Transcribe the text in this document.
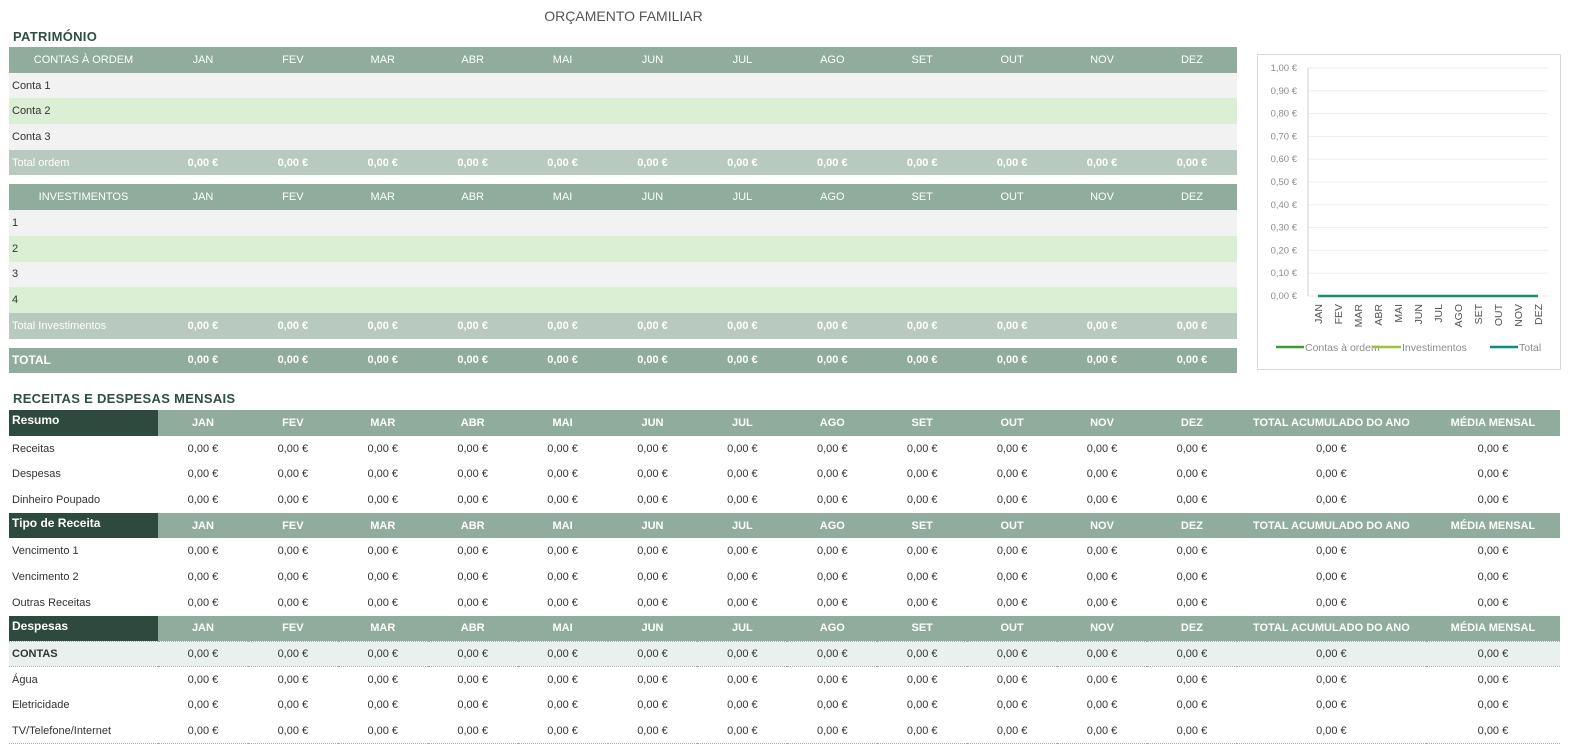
ORÇAMENTO FAMILIAR
PATRIMÓNIO
CONTAS À ORDEM	JAN	FEV	MAR	ABR	MAI	JUN	JUL	AGO	SET	OUT	NOV	DEZ
Conta 1												
Conta 2												
Conta 3												
Total ordem	0,00 €	0,00 €	0,00 €	0,00 €	0,00 €	0,00 €	0,00 €	0,00 €	0,00 €	0,00 €	0,00 €	0,00 €

INVESTIMENTOS	JAN	FEV	MAR	ABR	MAI	JUN	JUL	AGO	SET	OUT	NOV	DEZ
1												
2												
3												
4												
Total Investimentos	0,00 €	0,00 €	0,00 €	0,00 €	0,00 €	0,00 €	0,00 €	0,00 €	0,00 €	0,00 €	0,00 €	0,00 €

TOTAL	0,00 €	0,00 €	0,00 €	0,00 €	0,00 €	0,00 €	0,00 €	0,00 €	0,00 €	0,00 €	0,00 €	0,00 €
0,00 €
0,10 €
0,20 €
0,30 €
0,40 €
0,50 €
0,60 €
0,70 €
0,80 €
0,90 €
1,00 €
JAN FEV MAR ABR MAI JUN JUL AGO SET OUT NOV DEZ
Contas à ordem Investimentos	Total
RECEITAS E DESPESAS MENSAIS
Resumo	JAN	FEV	MAR	ABR	MAI	JUN	JUL	AGO	SET	OUT	NOV	DEZ	TOTAL ACUMULADO DO ANO	MÉDIA MENSAL
Receitas	0,00 €	0,00 €	0,00 €	0,00 €	0,00 €	0,00 €	0,00 €	0,00 €	0,00 €	0,00 €	0,00 €	0,00 €	0,00 €	0,00 €
Despesas	0,00 €	0,00 €	0,00 €	0,00 €	0,00 €	0,00 €	0,00 €	0,00 €	0,00 €	0,00 €	0,00 €	0,00 €	0,00 €	0,00 €
Dinheiro Poupado	0,00 €	0,00 €	0,00 €	0,00 €	0,00 €	0,00 €	0,00 €	0,00 €	0,00 €	0,00 €	0,00 €	0,00 €	0,00 €	0,00 €
Tipo de Receita	JAN	FEV	MAR	ABR	MAI	JUN	JUL	AGO	SET	OUT	NOV	DEZ	TOTAL ACUMULADO DO ANO	MÉDIA MENSAL
Vencimento 1	0,00 €	0,00 €	0,00 €	0,00 €	0,00 €	0,00 €	0,00 €	0,00 €	0,00 €	0,00 €	0,00 €	0,00 €	0,00 €	0,00 €
Vencimento 2	0,00 €	0,00 €	0,00 €	0,00 €	0,00 €	0,00 €	0,00 €	0,00 €	0,00 €	0,00 €	0,00 €	0,00 €	0,00 €	0,00 €
Outras Receitas	0,00 €	0,00 €	0,00 €	0,00 €	0,00 €	0,00 €	0,00 €	0,00 €	0,00 €	0,00 €	0,00 €	0,00 €	0,00 €	0,00 €
Despesas	JAN	FEV	MAR	ABR	MAI	JUN	JUL	AGO	SET	OUT	NOV	DEZ	TOTAL ACUMULADO DO ANO	MÉDIA MENSAL
CONTAS	0,00 €	0,00 €	0,00 €	0,00 €	0,00 €	0,00 €	0,00 €	0,00 €	0,00 €	0,00 €	0,00 €	0,00 €	0,00 €	0,00 €
Água	0,00 €	0,00 €	0,00 €	0,00 €	0,00 €	0,00 €	0,00 €	0,00 €	0,00 €	0,00 €	0,00 €	0,00 €	0,00 €	0,00 €
Eletricidade	0,00 €	0,00 €	0,00 €	0,00 €	0,00 €	0,00 €	0,00 €	0,00 €	0,00 €	0,00 €	0,00 €	0,00 €	0,00 €	0,00 €
TV/Telefone/Internet	0,00 €	0,00 €	0,00 €	0,00 €	0,00 €	0,00 €	0,00 €	0,00 €	0,00 €	0,00 €	0,00 €	0,00 €	0,00 €	0,00 €
